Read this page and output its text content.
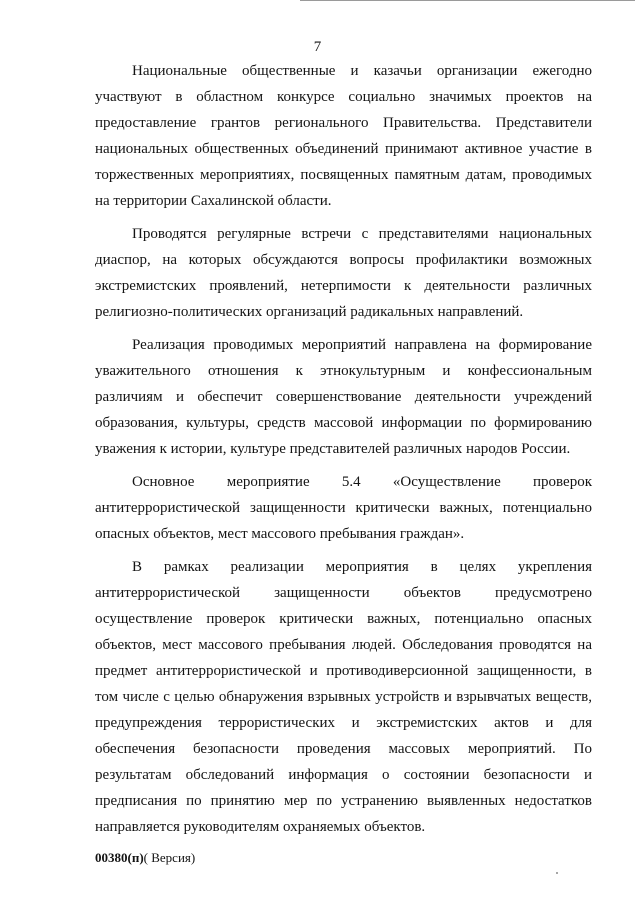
7

Национальные общественные и казачьи организации ежегодно участвуют в областном конкурсе социально значимых проектов на предоставление грантов регионального Правительства. Представители национальных общественных объединений принимают активное участие в торжественных мероприятиях, посвященных памятным датам, проводимых на территории Сахалинской области.

Проводятся регулярные встречи с представителями национальных диаспор, на которых обсуждаются вопросы профилактики возможных экстремистских проявлений, нетерпимости к деятельности различных религиозно-политических организаций радикальных направлений.

Реализация проводимых мероприятий направлена на формирование уважительного отношения к этнокультурным и конфессиональным различиям и обеспечит совершенствование деятельности учреждений образования, культуры, средств массовой информации по формированию уважения к истории, культуре представителей различных народов России.

Основное мероприятие 5.4 «Осуществление проверок антитеррористической защищенности критически важных, потенциально опасных объектов, мест массового пребывания граждан».

В рамках реализации мероприятия в целях укрепления антитеррористической защищенности объектов предусмотрено осуществление проверок критически важных, потенциально опасных объектов, мест массового пребывания людей. Обследования проводятся на предмет антитеррористической и противодиверсионной защищенности, в том числе с целью обнаружения взрывных устройств и взрывчатых веществ, предупреждения террористических и экстремистских актов и для обеспечения безопасности проведения массовых мероприятий. По результатам обследований информация о состоянии безопасности и предписания по принятию мер по устранению выявленных недостатков направляется руководителям охраняемых объектов.

00380(п)( Версия)
